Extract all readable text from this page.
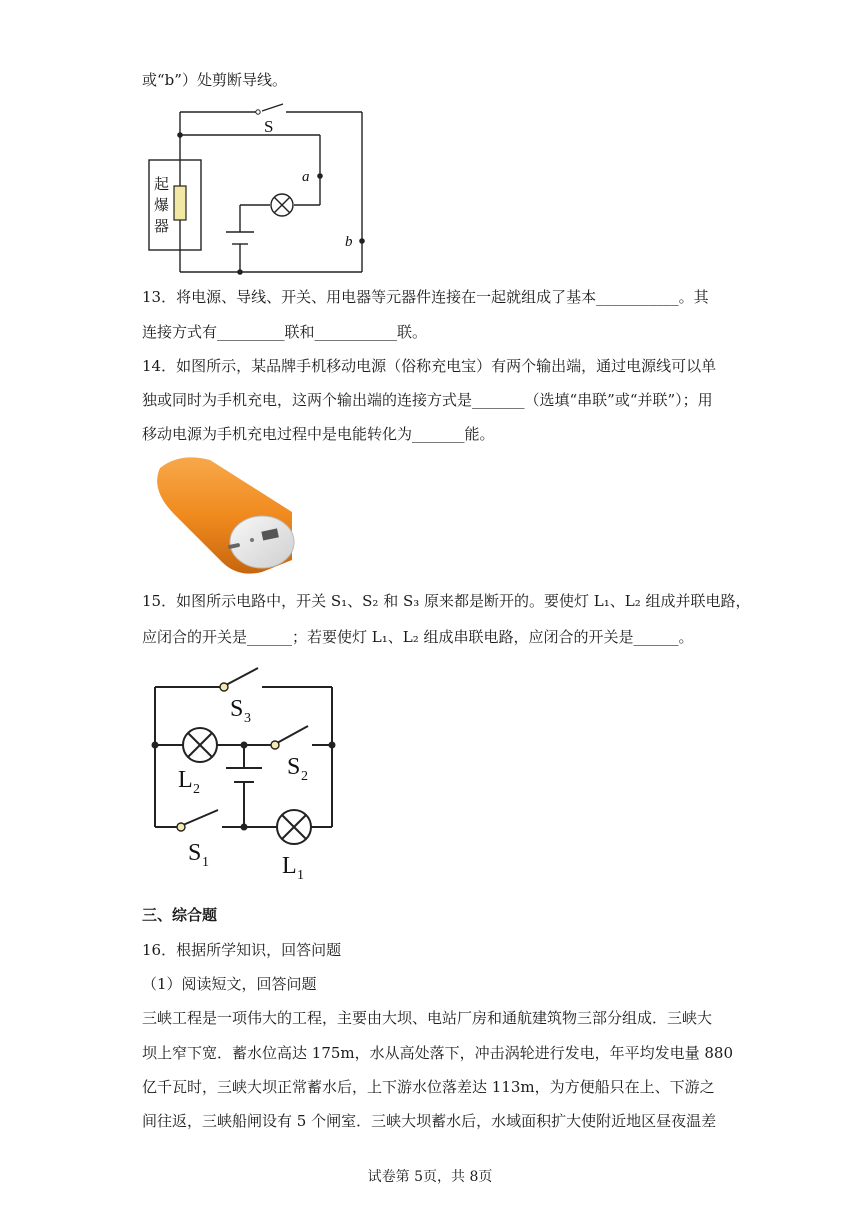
或“b”）处剪断导线。
S
a
b
起
爆
器
13．将电源、导线、开关、用电器等元器件连接在一起就组成了基本___________。其
连接方式有_________联和___________联。
14．如图所示，某品牌手机移动电源（俗称充电宝）有两个输出端，通过电源线可以单
独或同时为手机充电，这两个输出端的连接方式是_______（选填“串联”或“并联”）；用
移动电源为手机充电过程中是电能转化为_______能。
15．如图所示电路中，开关 S₁、S₂ 和 S₃ 原来都是断开的。要使灯 L₁、L₂ 组成并联电路，
应闭合的开关是______；若要使灯 L₁、L₂ 组成串联电路，应闭合的开关是______。
S 3
S 2
L 2
S 1	L 1
三、综合题
16．根据所学知识，回答问题
（1）阅读短文，回答问题
三峡工程是一项伟大的工程，主要由大坝、电站厂房和通航建筑物三部分组成．三峡大
坝上窄下宽．蓄水位高达 175m，水从高处落下，冲击涡轮进行发电，年平均发电量 880
亿千瓦时，三峡大坝正常蓄水后，上下游水位落差达 113m，为方便船只在上、下游之
间往返，三峡船闸设有 5 个闸室．三峡大坝蓄水后，水域面积扩大使附近地区昼夜温差
试卷第 5页，共 8页
